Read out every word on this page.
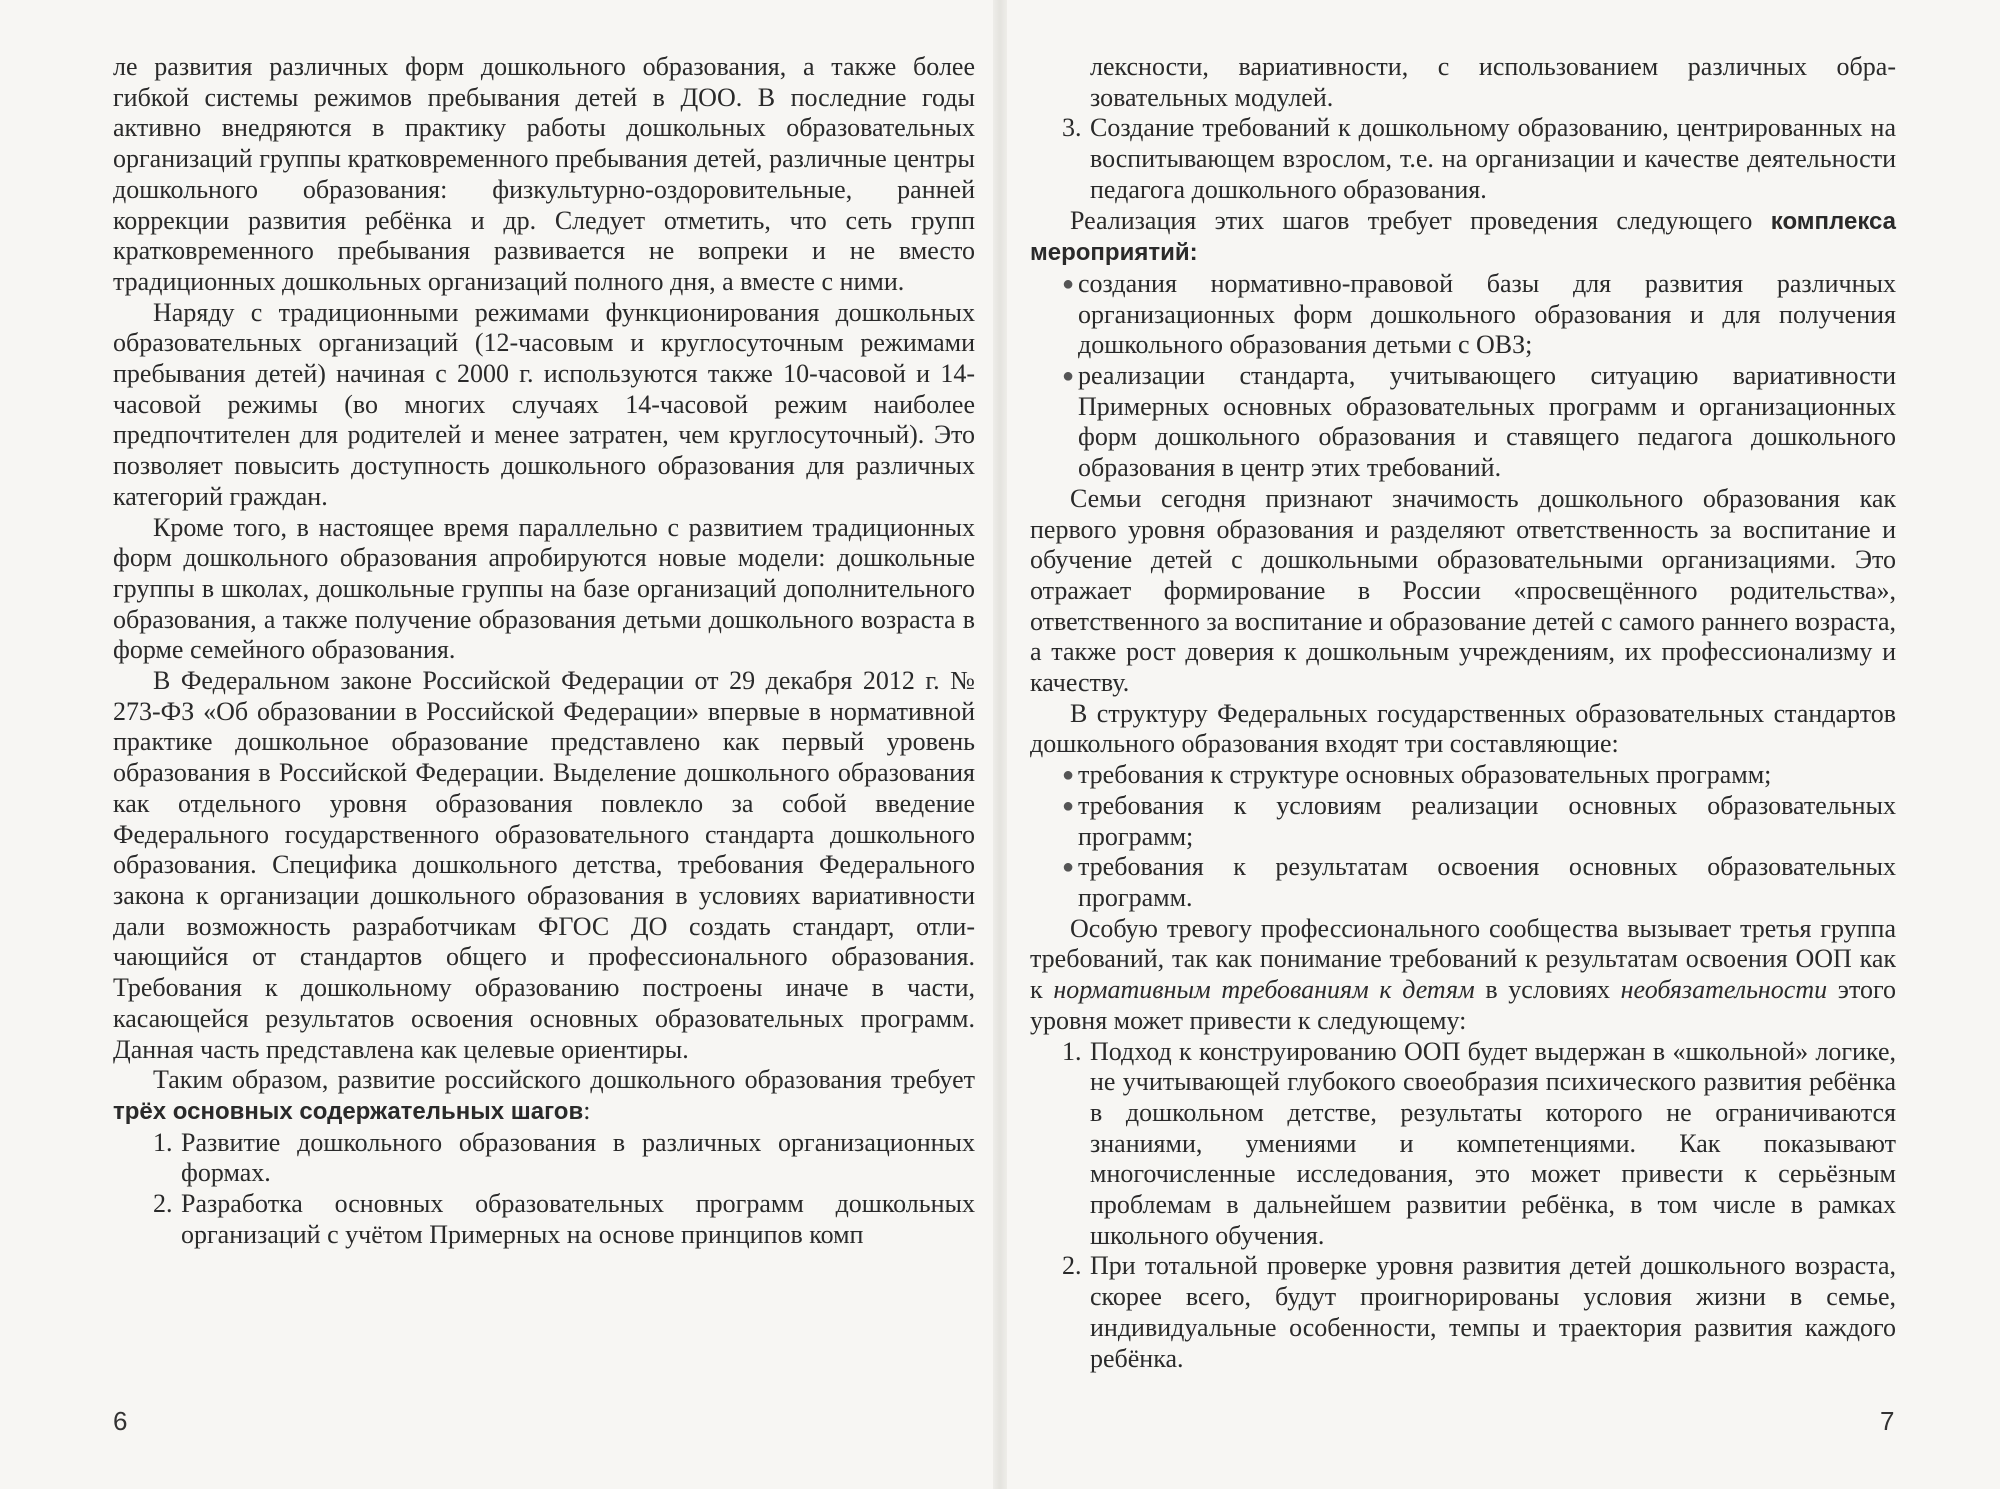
ле развития различных форм дошкольного образования, а также более гибкой системы режимов пребывания детей в ДОО. В последние годы активно внедряются в практику работы дошкольных образовательных организаций группы кратковременного пребывания детей, различные центры дошкольного образования: физкультурно-оздоровительные, ранней коррекции развития ребёнка и др. Следует отметить, что сеть групп кратковременного пребывания развивается не вопреки и не вместо традиционных дошкольных организаций полного дня, а вместе с ними.

Наряду с традиционными режимами функционирования дошкольных образовательных организаций (12-часовым и круглосуточным режимами пребывания детей) начиная с 2000 г. используются также 10-часовой и 14-часовой режимы (во многих случаях 14-часовой режим наиболее предпочтителен для родителей и менее затратен, чем круглосуточный). Это позволяет повысить доступность дошкольного образования для различных категорий граждан.

Кроме того, в настоящее время параллельно с развитием традиционных форм дошкольного образования апробируются новые модели: дошкольные группы в школах, дошкольные группы на базе организаций дополнительного образования, а также получение образования детьми дошкольного возраста в форме семейного образования.

В Федеральном законе Российской Федерации от 29 декабря 2012 г. № 273-ФЗ «Об образовании в Российской Федерации» впервые в нормативной практике дошкольное образование представлено как первый уровень образования в Российской Федерации. Выделение дошкольного образования как отдельного уровня образования повлекло за собой введение Федерального государственного образовательного стандарта дошкольного образования. Специфика дошкольного детства, требования Федерального закона к организации дошкольного образования в условиях вариативности дали возможность разработчикам ФГОС ДО создать стандарт, отличающийся от стандартов общего и профессионального образования. Требования к дошкольному образованию построены иначе в части, касающейся результатов освоения основных образовательных программ. Данная часть представлена как целевые ориентиры.

Таким образом, развитие российского дошкольного образования требует трёх основных содержательных шагов:

1. Развитие дошкольного образования в различных организационных формах.
2. Разработка основных образовательных программ дошкольных организаций с учётом Примерных на основе принципов комп
6
лексности, вариативности, с использованием различных образовательных модулей.
3. Создание требований к дошкольному образованию, центрированных на воспитывающем взрослом, т.е. на организации и качестве деятельности педагога дошкольного образования.

Реализация этих шагов требует проведения следующего комплекса мероприятий:

● создания нормативно-правовой базы для развития различных организационных форм дошкольного образования и для получения дошкольного образования детьми с ОВЗ;
● реализации стандарта, учитывающего ситуацию вариативности Примерных основных образовательных программ и организационных форм дошкольного образования и ставящего педагога дошкольного образования в центр этих требований.

Семьи сегодня признают значимость дошкольного образования как первого уровня образования и разделяют ответственность за воспитание и обучение детей с дошкольными образовательными организациями. Это отражает формирование в России «просвещённого родительства», ответственного за воспитание и образование детей с самого раннего возраста, а также рост доверия к дошкольным учреждениям, их профессионализму и качеству.

В структуру Федеральных государственных образовательных стандартов дошкольного образования входят три составляющие:

● требования к структуре основных образовательных программ;
● требования к условиям реализации основных образовательных программ;
● требования к результатам освоения основных образовательных программ.

Особую тревогу профессионального сообщества вызывает третья группа требований, так как понимание требований к результатам освоения ООП как к нормативным требованиям к детям в условиях необязательности этого уровня может привести к следующему:

1. Подход к конструированию ООП будет выдержан в «школьной» логике, не учитывающей глубокого своеобразия психического развития ребёнка в дошкольном детстве, результаты которого не ограничиваются знаниями, умениями и компетенциями. Как показывают многочисленные исследования, это может привести к серьёзным проблемам в дальнейшем развитии ребёнка, в том числе в рамках школьного обучения.
2. При тотальной проверке уровня развития детей дошкольного возраста, скорее всего, будут проигнорированы условия жизни в семье, индивидуальные особенности, темпы и траектория развития каждого ребёнка.
7
